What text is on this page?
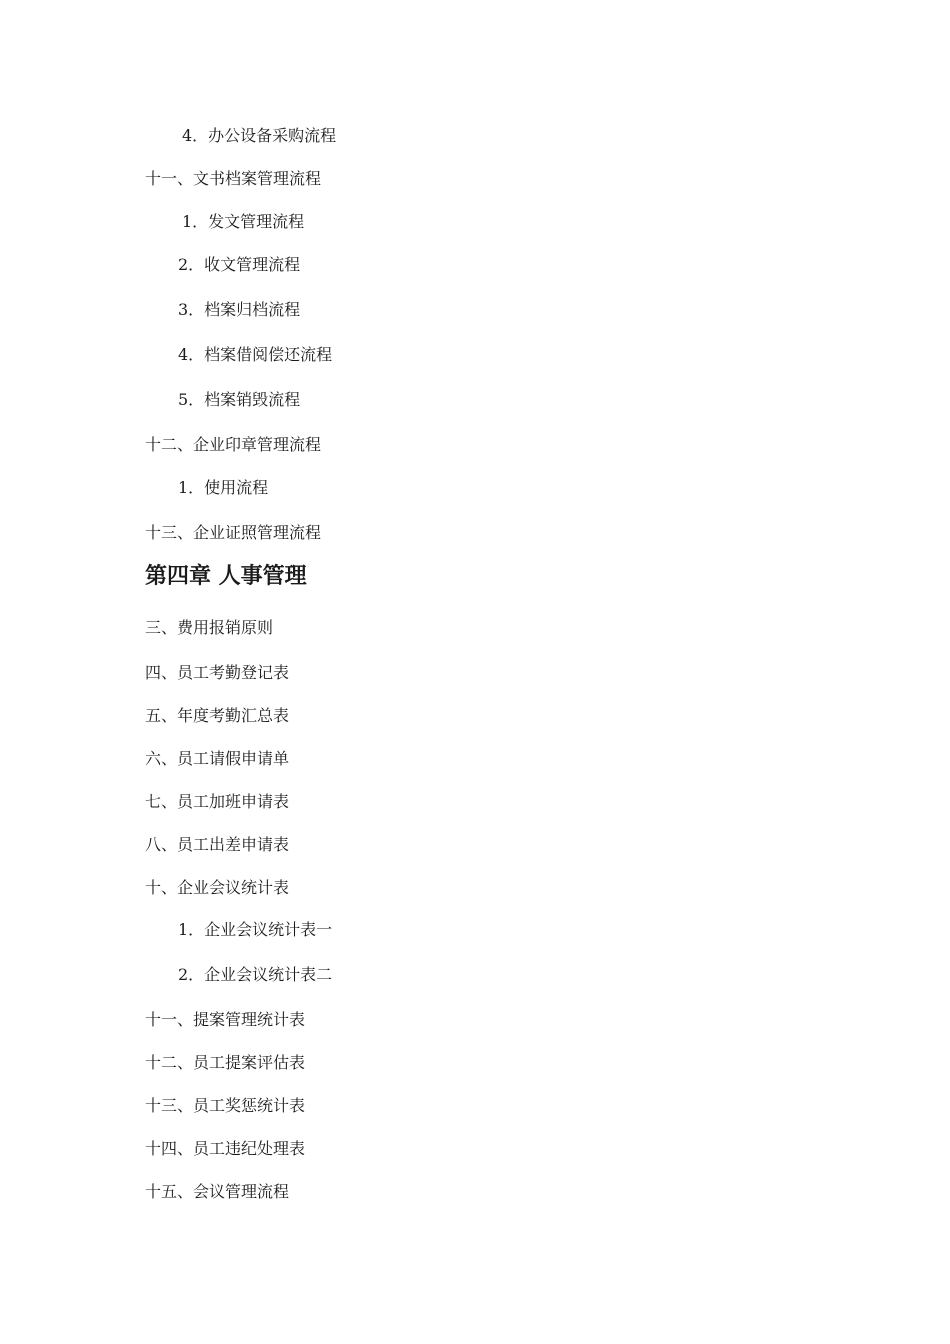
4．办公设备采购流程
十一、文书档案管理流程
1．发文管理流程
2．收文管理流程
3．档案归档流程
4．档案借阅偿还流程
5．档案销毁流程
十二、企业印章管理流程
1．使用流程
十三、企业证照管理流程
第四章 人事管理
三、费用报销原则
四、员工考勤登记表
五、年度考勤汇总表
六、员工请假申请单
七、员工加班申请表
八、员工出差申请表
十、企业会议统计表
1．企业会议统计表一
2．企业会议统计表二
十一、提案管理统计表
十二、员工提案评估表
十三、员工奖惩统计表
十四、员工违纪处理表
十五、会议管理流程
